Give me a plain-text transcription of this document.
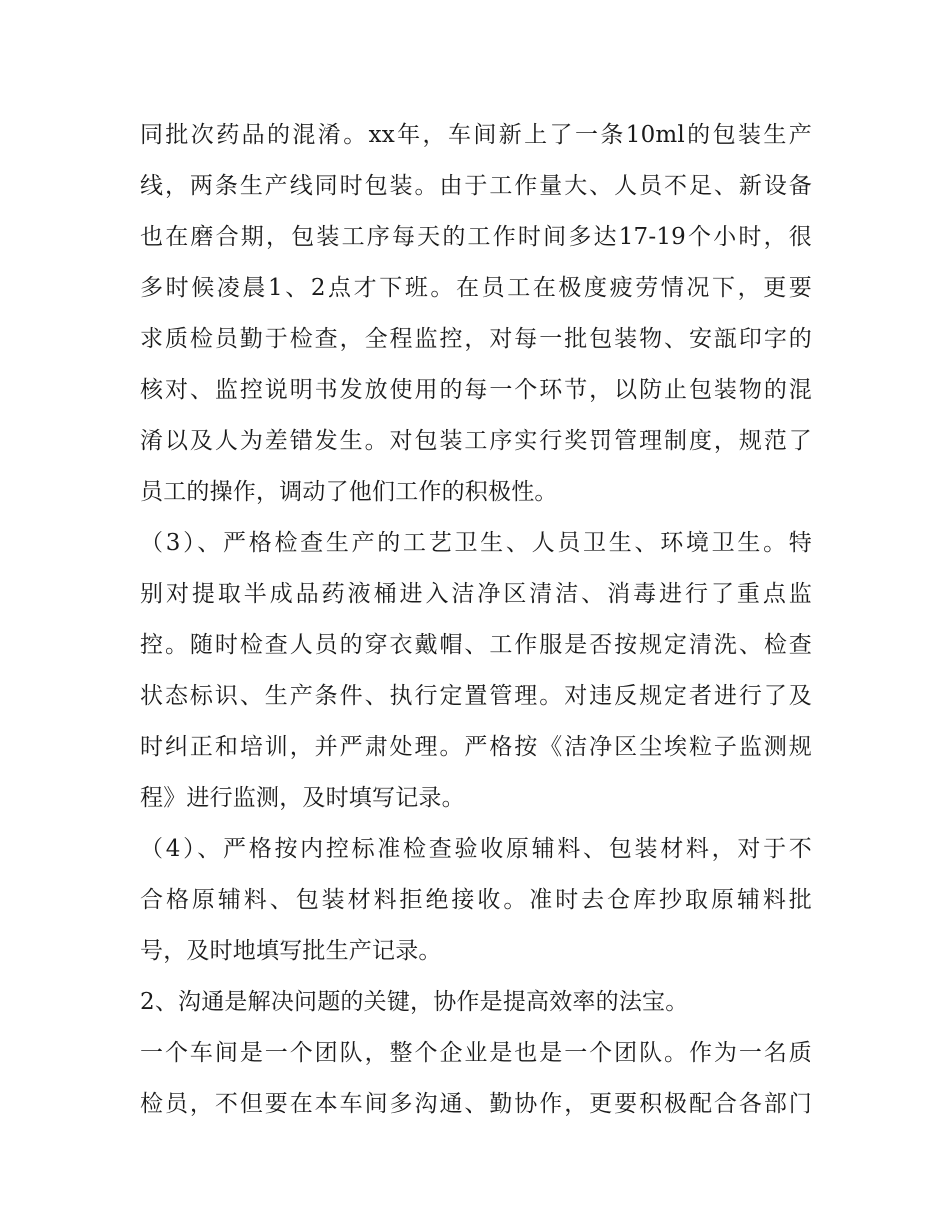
同批次药品的混淆。xx年，车间新上了一条10ml的包装生产
线，两条生产线同时包装。由于工作量大、人员不足、新设备
也在磨合期，包装工序每天的工作时间多达17-19个小时，很
多时候凌晨1、2点才下班。在员工在极度疲劳情况下，更要
求质检员勤于检查，全程监控，对每一批包装物、安瓿印字的
核对、监控说明书发放使用的每一个环节，以防止包装物的混
淆以及人为差错发生。对包装工序实行奖罚管理制度，规范了
员工的操作，调动了他们工作的积极性。
（3）、严格检查生产的工艺卫生、人员卫生、环境卫生。特
别对提取半成品药液桶进入洁净区清洁、消毒进行了重点监
控。随时检查人员的穿衣戴帽、工作服是否按规定清洗、检查
状态标识、生产条件、执行定置管理。对违反规定者进行了及
时纠正和培训，并严肃处理。严格按《洁净区尘埃粒子监测规
程》进行监测，及时填写记录。
（4）、严格按内控标准检查验收原辅料、包装材料，对于不
合格原辅料、包装材料拒绝接收。准时去仓库抄取原辅料批
号，及时地填写批生产记录。
2、沟通是解决问题的关键，协作是提高效率的法宝。
一个车间是一个团队，整个企业是也是一个团队。作为一名质
检员，不但要在本车间多沟通、勤协作，更要积极配合各部门
